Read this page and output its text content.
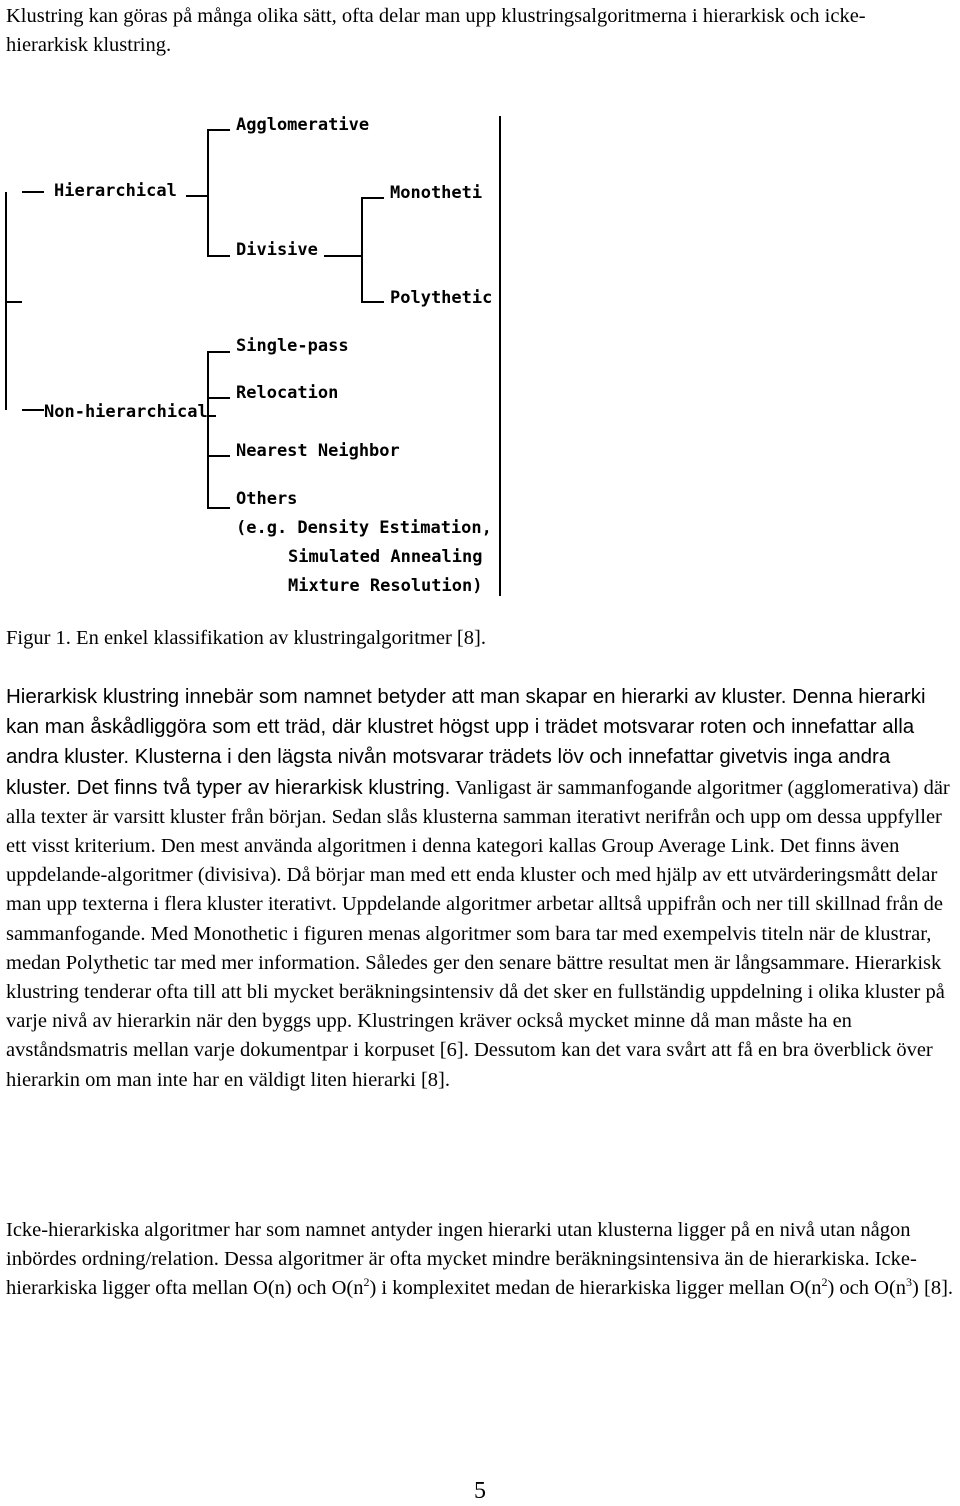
Klustring kan göras på många olika sätt, ofta delar man upp klustringsalgoritmerna i hierarkisk och icke-hierarkisk klustring.

Agglomerative
Hierarchical	Monotheti
Divisive
Polythetic
Single-pass
Relocation
Non-hierarchical
Nearest Neighbor
Others
(e.g. Density Estimation,
Simulated Annealing
Mixture Resolution)

Figur 1. En enkel klassifikation av klustringalgoritmer [8].

Hierarkisk klustring innebär som namnet betyder att man skapar en hierarki av kluster. Denna hierarki kan man åskådliggöra som ett träd, där klustret högst upp i trädet motsvarar roten och innefattar alla andra kluster. Klusterna i den lägsta nivån motsvarar trädets löv och innefattar givetvis inga andra kluster. Det finns två typer av hierarkisk klustring. Vanligast är sammanfogande algoritmer (agglomerativa) där alla texter är varsitt kluster från början. Sedan slås klusterna samman iterativt nerifrån och upp om dessa uppfyller ett visst kriterium. Den mest använda algoritmen i denna kategori kallas Group Average Link. Det finns även uppdelande-algoritmer (divisiva). Då börjar man med ett enda kluster och med hjälp av ett utvärderingsmått delar man upp texterna i flera kluster iterativt. Uppdelande algoritmer arbetar alltså uppifrån och ner till skillnad från de sammanfogande. Med Monothetic i figuren menas algoritmer som bara tar med exempelvis titeln när de klustrar, medan Polythetic tar med mer information. Således ger den senare bättre resultat men är långsammare. Hierarkisk klustring tenderar ofta till att bli mycket beräkningsintensiv då det sker en fullständig uppdelning i olika kluster på varje nivå av hierarkin när den byggs upp. Klustringen kräver också mycket minne då man måste ha en avståndsmatris mellan varje dokumentpar i korpuset [6]. Dessutom kan det vara svårt att få en bra överblick över hierarkin om man inte har en väldigt liten hierarki [8].

Icke-hierarkiska algoritmer har som namnet antyder ingen hierarki utan klusterna ligger på en nivå utan någon inbördes ordning/relation. Dessa algoritmer är ofta mycket mindre beräkningsintensiva än de hierarkiska. Icke-hierarkiska ligger ofta mellan O(n) och $O(n^2)$ i komplexitet medan de hierarkiska ligger mellan $O(n^2)$ och $O(n^3)$ [8].

5
